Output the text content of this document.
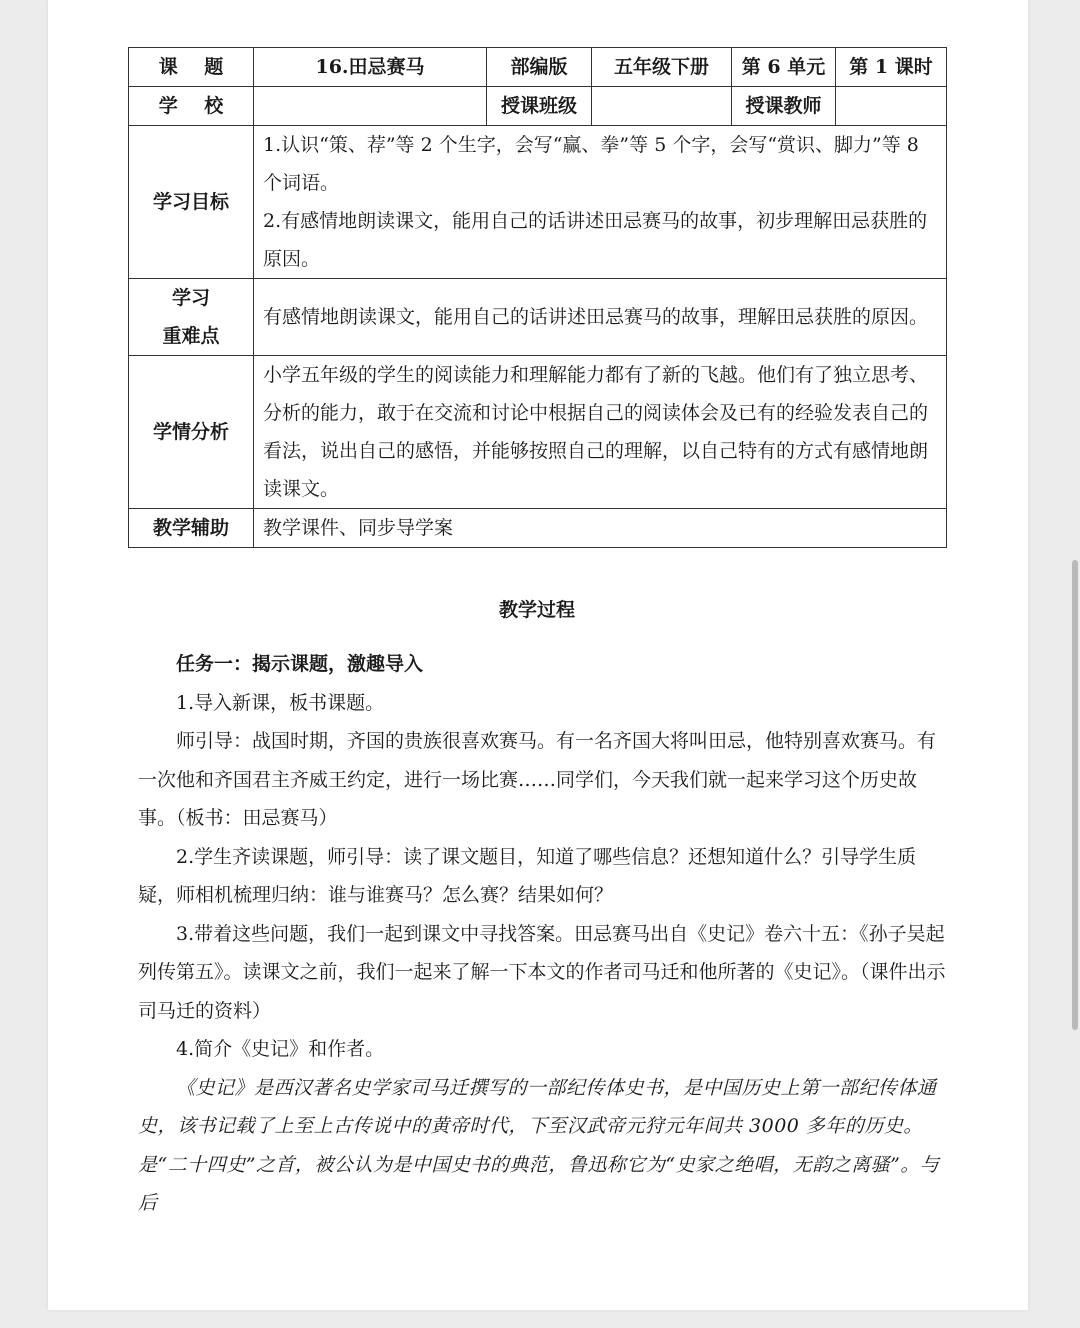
课    题	16.田忌赛马	部编版	五年级下册	第 6 单元	第 1 课时
学    校		授课班级		授课教师	
学习目标	1.认识“策、荐”等 2 个生字，会写“赢、拳”等 5 个字，会写“赏识、脚力”等 8 个词语。
2.有感情地朗读课文，能用自己的话讲述田忌赛马的故事，初步理解田忌获胜的原因。				

学习
重难点	有感情地朗读课文，能用自己的话讲述田忌赛马的故事，理解田忌获胜的原因。				
学情分析	小学五年级的学生的阅读能力和理解能力都有了新的飞越。他们有了独立思考、分析的能力，敢于在交流和讨论中根据自己的阅读体会及已有的经验发表自己的看法，说出自己的感悟，并能够按照自己的理解，以自己特有的方式有感情地朗读课文。				
教学辅助	教学课件、同步导学案				
教学过程

任务一：揭示课题，激趣导入

1.导入新课，板书课题。

师引导：战国时期，齐国的贵族很喜欢赛马。有一名齐国大将叫田忌，他特别喜欢赛马。有一次他和齐国君主齐威王约定，进行一场比赛……同学们，今天我们就一起来学习这个历史故事。（板书：田忌赛马）

2.学生齐读课题，师引导：读了课文题目，知道了哪些信息？还想知道什么？引导学生质疑，师相机梳理归纳：谁与谁赛马？怎么赛？结果如何？

3.带着这些问题，我们一起到课文中寻找答案。田忌赛马出自《史记》卷六十五：《孙子吴起列传第五》。读课文之前，我们一起来了解一下本文的作者司马迁和他所著的《史记》。（课件出示司马迁的资料）

4.简介《史记》和作者。

《史记》是西汉著名史学家司马迁撰写的一部纪传体史书，是中国历史上第一部纪传体通史，该书记载了上至上古传说中的黄帝时代，下至汉武帝元狩元年间共 3000 多年的历史。是“二十四史”之首，被公认为是中国史书的典范，鲁迅称它为“史家之绝唱，无韵之离骚”。与后
